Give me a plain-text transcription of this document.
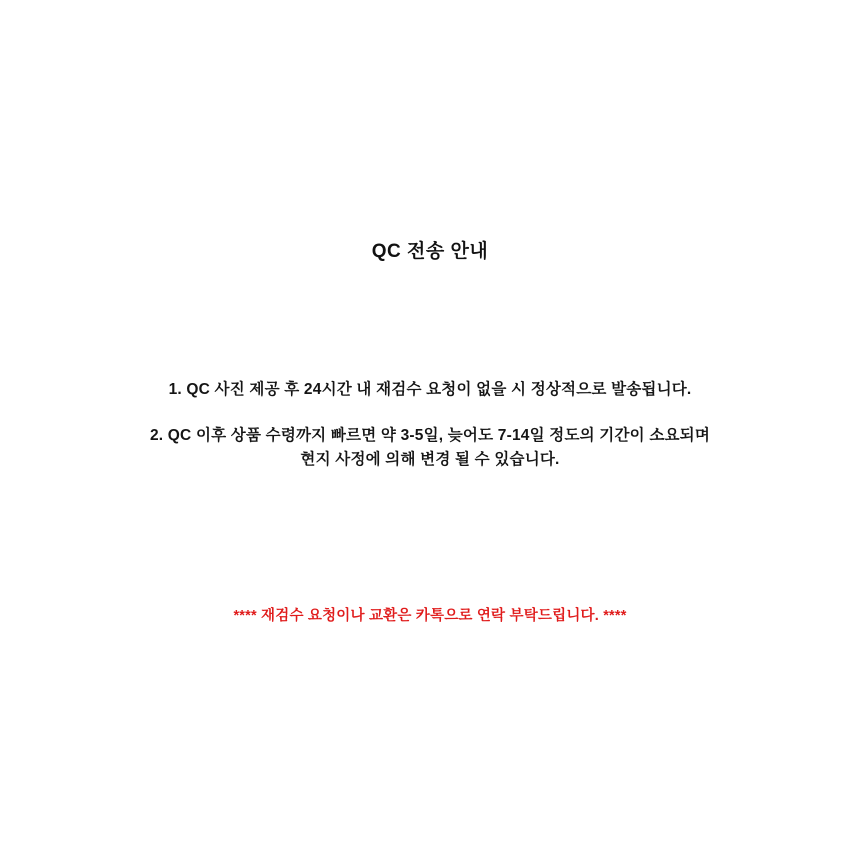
QC 전송 안내
1. QC 사진 제공 후 24시간 내 재검수 요청이 없을 시 정상적으로 발송됩니다.
2. QC 이후 상품 수령까지 빠르면 약 3-5일, 늦어도 7-14일 정도의 기간이 소요되며
현지 사정에 의해 변경 될 수 있습니다.
**** 재검수 요청이나 교환은 카톡으로 연락 부탁드립니다. ****
